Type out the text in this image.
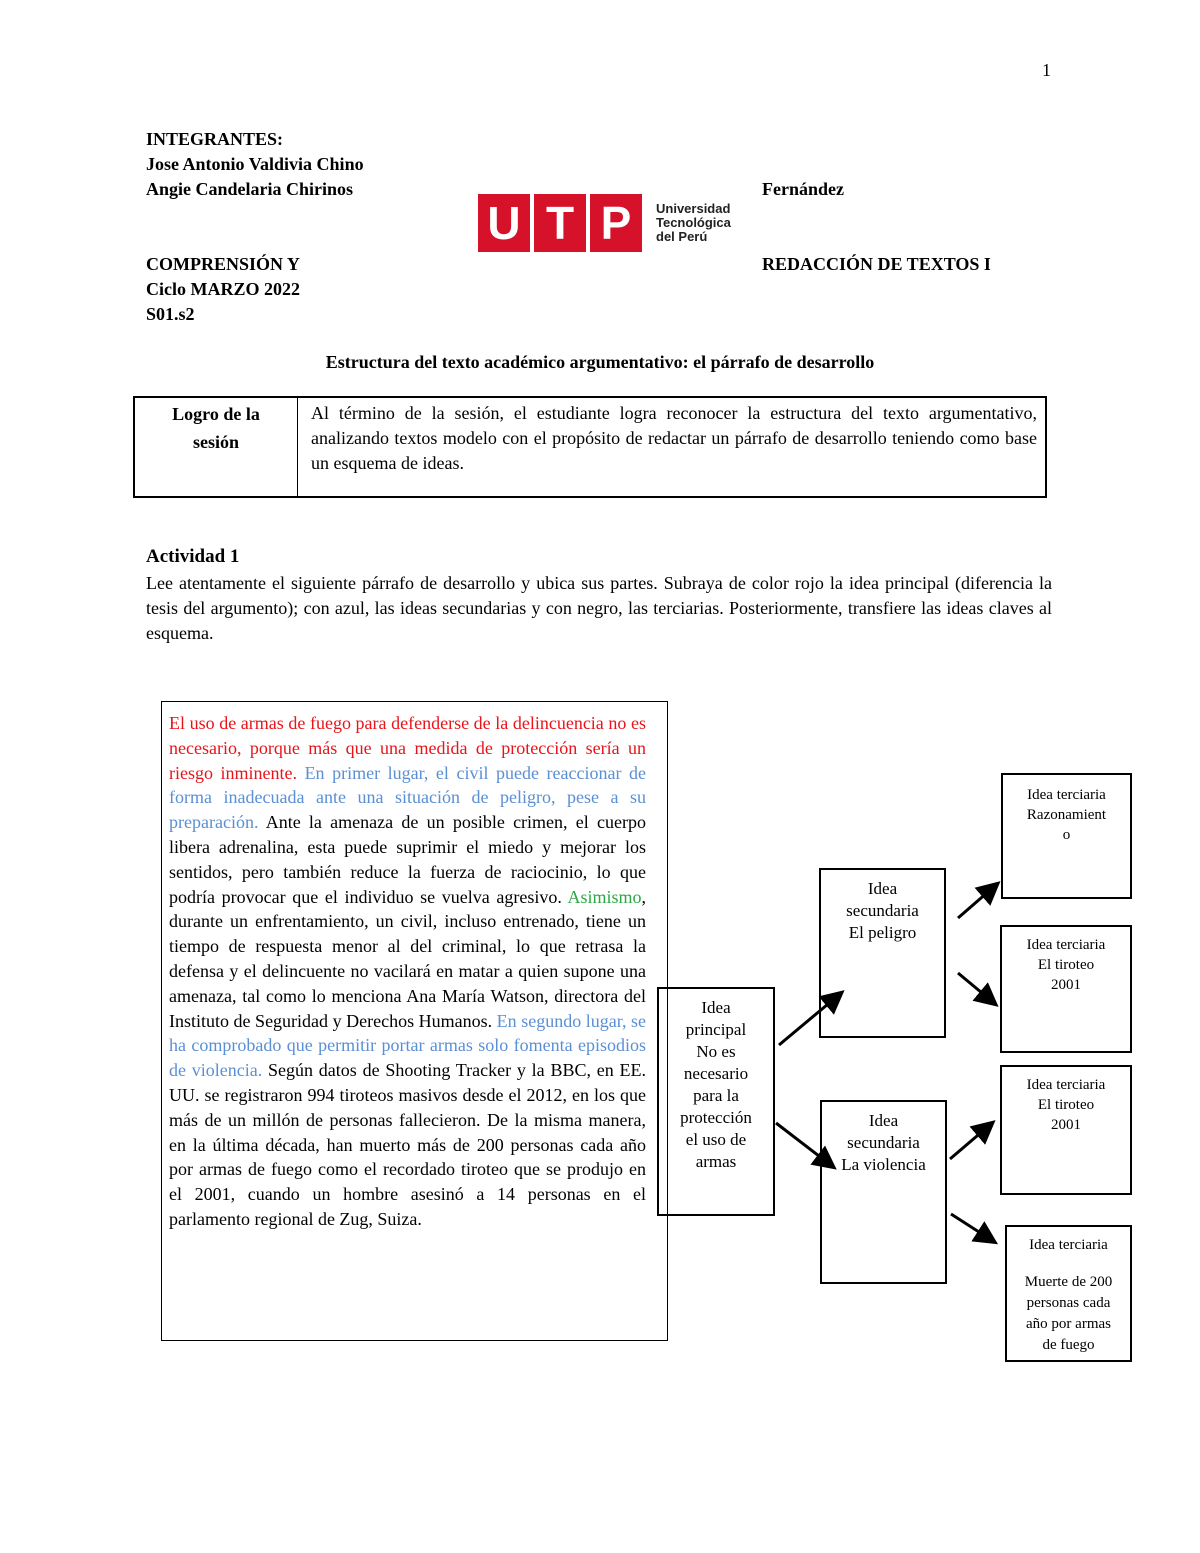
1
INTEGRANTES:
Jose Antonio Valdivia Chino
Angie Candelaria Chirinos	Fernández
COMPRENSIÓN Y	REDACCIÓN DE TEXTOS I
Ciclo MARZO 2022
S01.s2
U T P	Universidad
Tecnológica
del Perú
Estructura del texto académico argumentativo: el párrafo de desarrollo
Logro de la
sesión
Al término de la sesión, el estudiante logra reconocer la estructura del texto argumentativo, analizando textos modelo con el propósito de redactar un párrafo de desarrollo teniendo como base un esquema de ideas.
Actividad 1
Lee atentamente el siguiente párrafo de desarrollo y ubica sus partes. Subraya de color rojo la idea principal (diferencia la tesis del argumento); con azul, las ideas secundarias y con negro, las terciarias. Posteriormente, transfiere las ideas claves al esquema.
El uso de armas de fuego para defenderse de la delincuencia no es necesario, porque más que una medida de protección sería un riesgo inminente. En primer lugar, el civil puede reaccionar de forma inadecuada ante una situación de peligro, pese a su preparación. Ante la amenaza de un posible crimen, el cuerpo libera adrenalina, esta puede suprimir el miedo y mejorar los sentidos, pero también reduce la fuerza de raciocinio, lo que podría provocar que el individuo se vuelva agresivo. Asimismo, durante un enfrentamiento, un civil, incluso entrenado, tiene un tiempo de respuesta menor al del criminal, lo que retrasa la defensa y el delincuente no vacilará en matar a quien supone una amenaza, tal como lo menciona Ana María Watson, directora del Instituto de Seguridad y Derechos Humanos. En segundo lugar, se ha comprobado que permitir portar armas solo fomenta episodios de violencia. Según datos de Shooting Tracker y la BBC, en EE. UU. se registraron 994 tiroteos masivos desde el 2012, en los que más de un millón de personas fallecieron. De la misma manera, en la última década, han muerto más de 200 personas cada año por armas de fuego como el recordado tiroteo que se produjo en el 2001, cuando un hombre asesinó a 14 personas en el parlamento regional de Zug, Suiza.
Idea
principal
No es
necesario
para la
protección
el uso de
armas
Idea
secundaria
El peligro
Idea
secundaria
La violencia
Idea terciaria
Razonamient
o
Idea terciaria
El tiroteo
2001
Idea terciaria
El tiroteo
2001
Idea terciaria
Muerte de 200
personas cada
año por armas
de fuego
